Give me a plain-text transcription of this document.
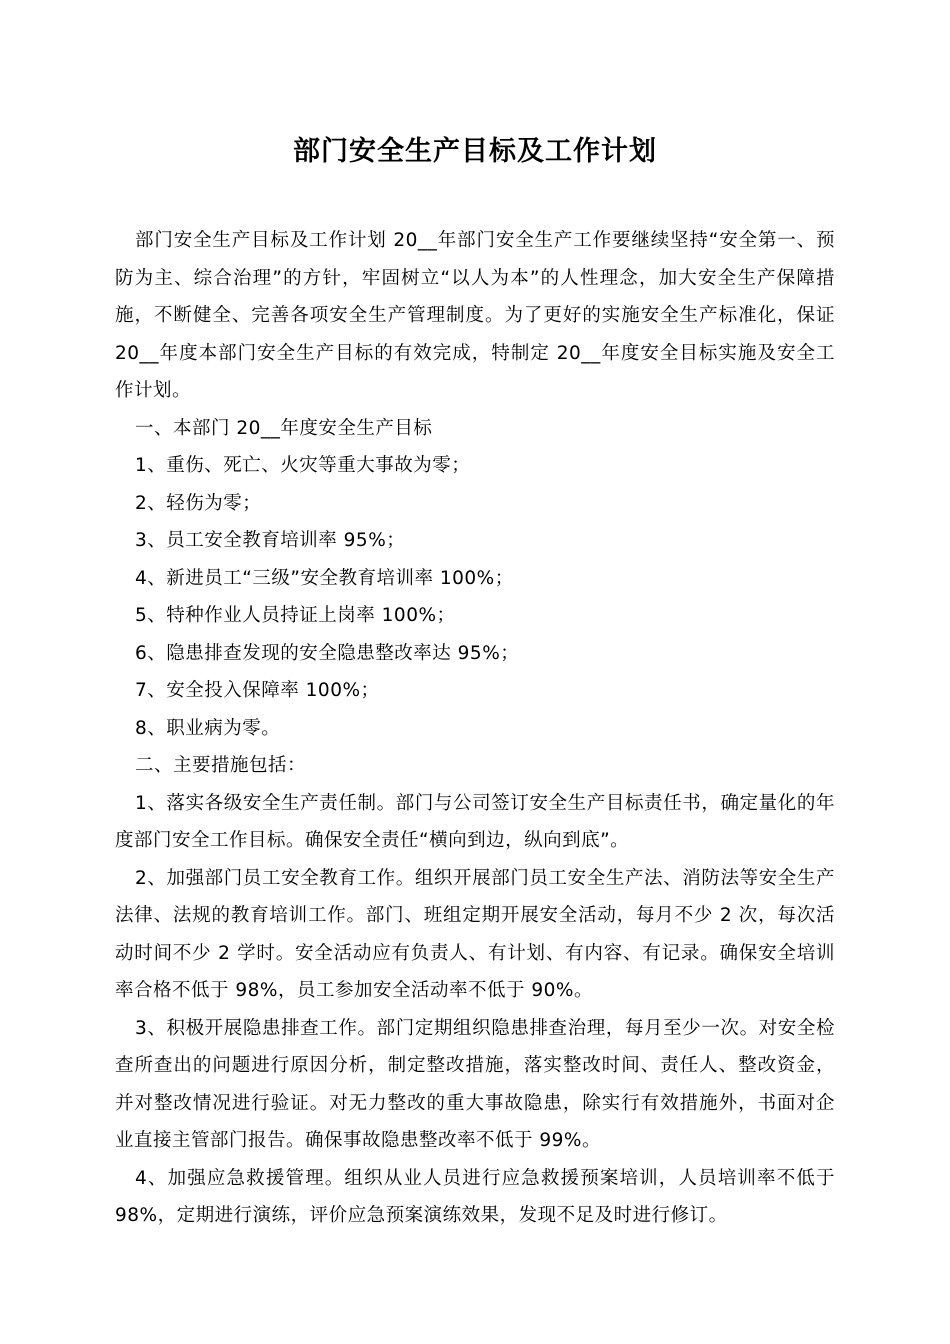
部门安全生产目标及工作计划

部门安全生产目标及工作计划 20__年部门安全生产工作要继续坚持“安全第一、预防为主、综合治理”的方针，牢固树立“以人为本”的人性理念，加大安全生产保障措施，不断健全、完善各项安全生产管理制度。为了更好的实施安全生产标准化，保证 20__年度本部门安全生产目标的有效完成，特制定 20__年度安全目标实施及安全工作计划。

一、本部门 20__年度安全生产目标

1、重伤、死亡、火灾等重大事故为零；

2、轻伤为零；

3、员工安全教育培训率 95%；

4、新进员工“三级”安全教育培训率 100%；

5、特种作业人员持证上岗率 100%；

6、隐患排查发现的安全隐患整改率达 95%；

7、安全投入保障率 100%；

8、职业病为零。

二、主要措施包括：

1、落实各级安全生产责任制。部门与公司签订安全生产目标责任书，确定量化的年度部门安全工作目标。确保安全责任“横向到边，纵向到底”。

2、加强部门员工安全教育工作。组织开展部门员工安全生产法、消防法等安全生产法律、法规的教育培训工作。部门、班组定期开展安全活动，每月不少 2 次，每次活动时间不少 2 学时。安全活动应有负责人、有计划、有内容、有记录。确保安全培训率合格不低于 98%，员工参加安全活动率不低于 90%。

3、积极开展隐患排查工作。部门定期组织隐患排查治理，每月至少一次。对安全检查所查出的问题进行原因分析，制定整改措施，落实整改时间、责任人、整改资金，并对整改情况进行验证。对无力整改的重大事故隐患，除实行有效措施外，书面对企业直接主管部门报告。确保事故隐患整改率不低于 99%。

4、加强应急救援管理。组织从业人员进行应急救援预案培训，人员培训率不低于 98%，定期进行演练，评价应急预案演练效果，发现不足及时进行修订。
